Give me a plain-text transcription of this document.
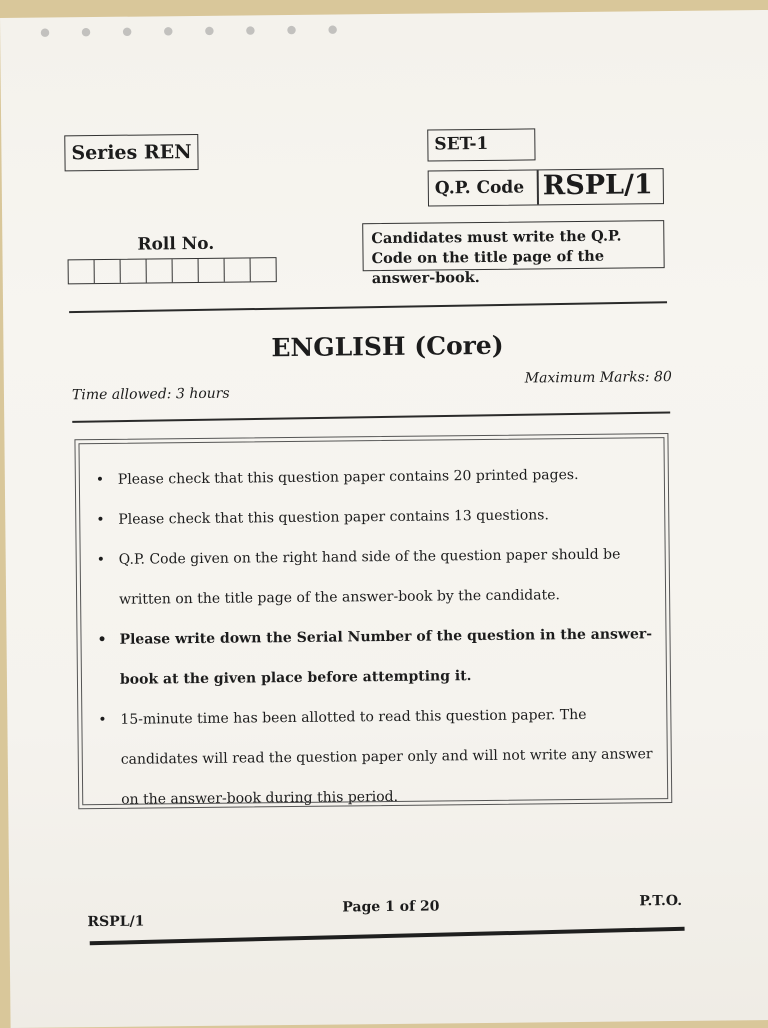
● ● ● ● ● ● ● ●
Series REN	SET-1
Q.P. Code RSPL/1
Roll No.	Candidates must write the Q.P. Code on the title page of the answer-book.
ENGLISH (Core)
Time allowed: 3 hours
Maximum Marks: 80
• Please check that this question paper contains 20 printed pages.
• Please check that this question paper contains 13 questions.
• Q.P. Code given on the right hand side of the question paper should be written on the title page of the answer-book by the candidate.
• Please write down the Serial Number of the question in the answer-book at the given place before attempting it.
• 15-minute time has been allotted to read this question paper. The candidates will read the question paper only and will not write any answer on the answer-book during this period.
Page 1 of 20	P.T.O.
RSPL/1
